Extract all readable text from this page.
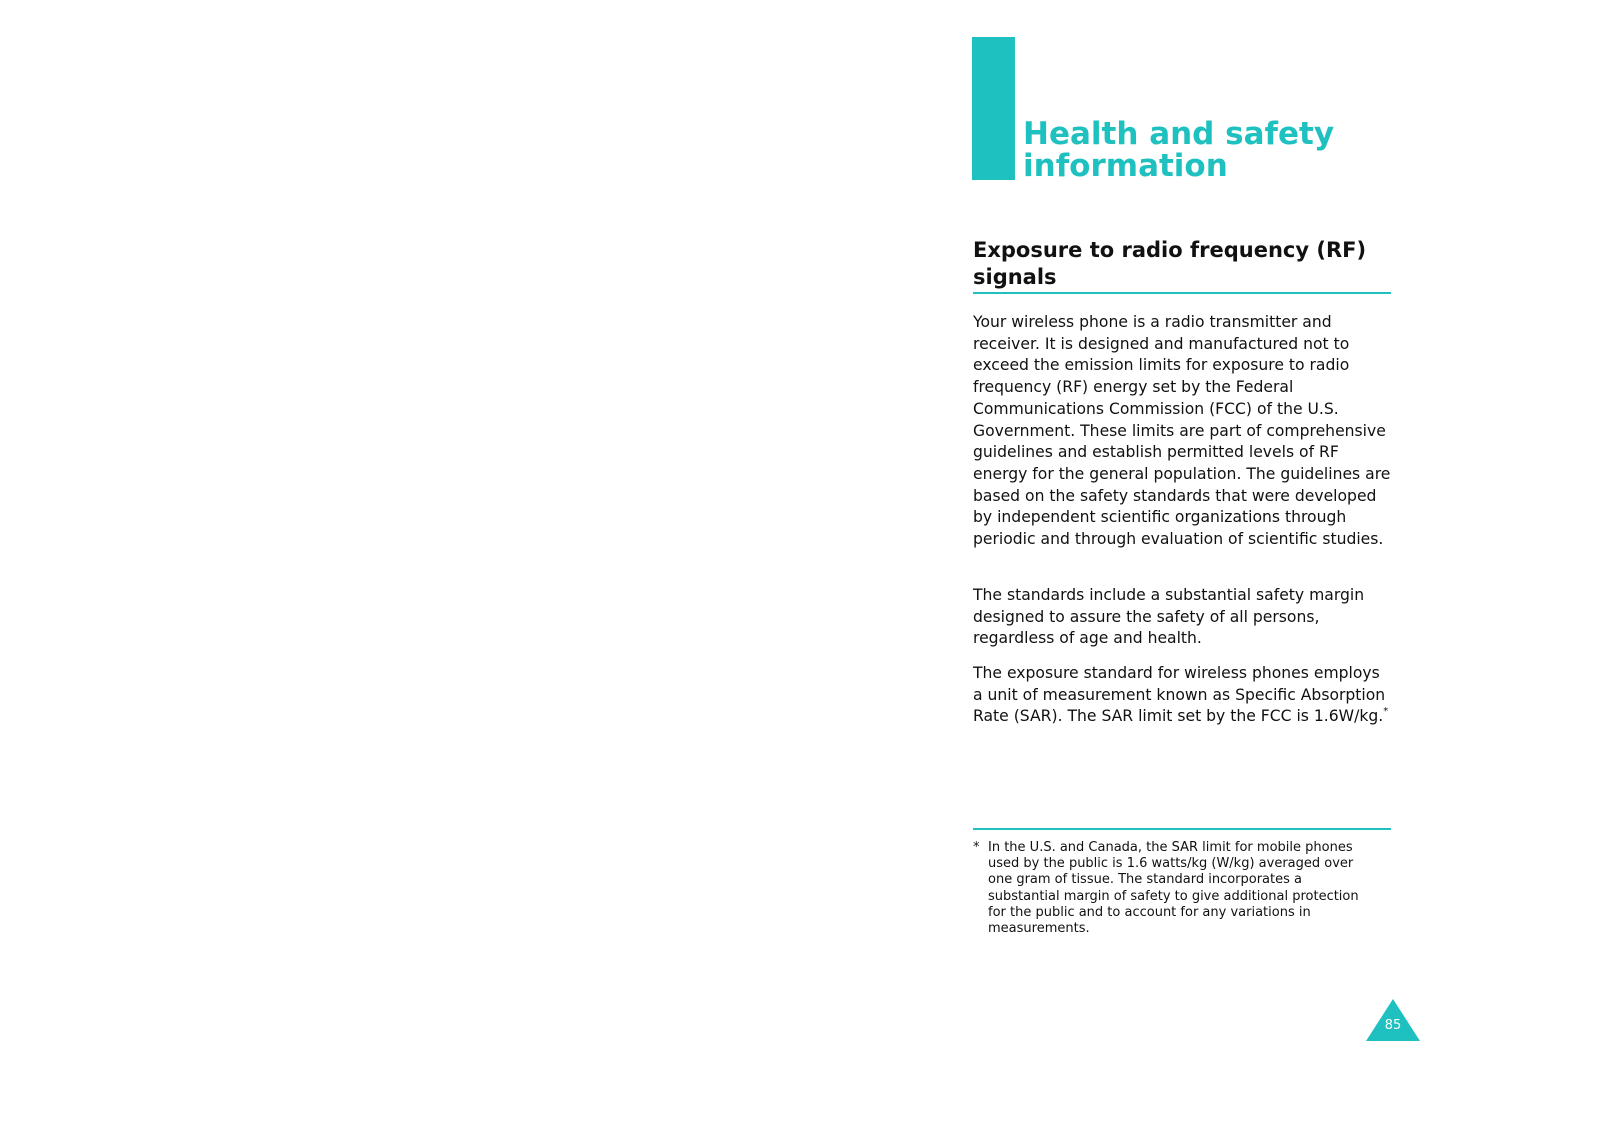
Health and safety
information
Exposure to radio frequency (RF) signals

Your wireless phone is a radio transmitter and receiver. It is designed and manufactured not to exceed the emission limits for exposure to radio frequency (RF) energy set by the Federal Communications Commission (FCC) of the U.S. Government. These limits are part of comprehensive guidelines and establish permitted levels of RF energy for the general population. The guidelines are based on the safety standards that were developed by independent scientific organizations through periodic and through evaluation of scientific studies.

The standards include a substantial safety margin designed to assure the safety of all persons, regardless of age and health.

The exposure standard for wireless phones employs a unit of measurement known as Specific Absorption Rate (SAR). The SAR limit set by the FCC is 1.6W/kg.*

* In the U.S. and Canada, the SAR limit for mobile phones used by the public is 1.6 watts/kg (W/kg) averaged over one gram of tissue. The standard incorporates a substantial margin of safety to give additional protection for the public and to account for any variations in measurements.
85
